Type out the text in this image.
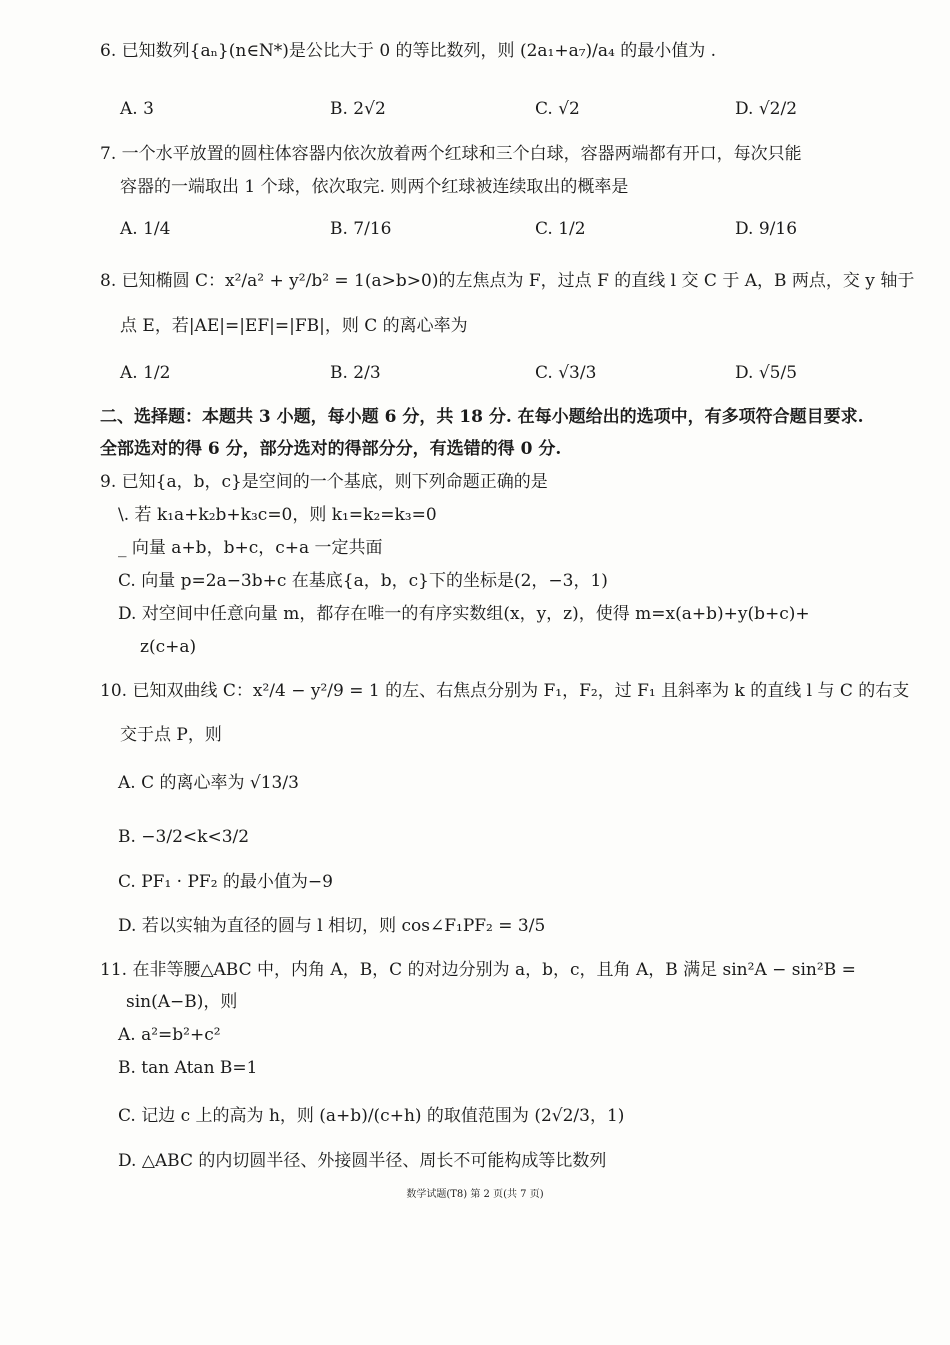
6. 已知数列{aₙ}(n∈N*)是公比大于 0 的等比数列，则 (2a₁+a₇)/a₄ 的最小值为 .
A. 3	B. 2√2	C. √2	D. √2/2
7. 一个水平放置的圆柱体容器内依次放着两个红球和三个白球，容器两端都有开口，每次只能
容器的一端取出 1 个球，依次取完. 则两个红球被连续取出的概率是
A. 1/4	B. 7/16	C. 1/2	D. 9/16
8. 已知椭圆 C：x²/a² + y²/b² = 1(a>b>0)的左焦点为 F，过点 F 的直线 l 交 C 于 A，B 两点，交 y 轴于
点 E，若|AE|=|EF|=|FB|，则 C 的离心率为
A. 1/2	B. 2/3	C. √3/3	D. √5/5
二、选择题：本题共 3 小题，每小题 6 分，共 18 分. 在每小题给出的选项中，有多项符合题目要求.
全部选对的得 6 分，部分选对的得部分分，有选错的得 0 分.
9. 已知{a，b，c}是空间的一个基底，则下列命题正确的是
\. 若 k₁a+k₂b+k₃c=0，则 k₁=k₂=k₃=0
_ 向量 a+b，b+c，c+a 一定共面
C. 向量 p=2a−3b+c 在基底{a，b，c}下的坐标是(2，−3，1)
D. 对空间中任意向量 m，都存在唯一的有序实数组(x，y，z)，使得 m=x(a+b)+y(b+c)+
z(c+a)
10. 已知双曲线 C：x²/4 − y²/9 = 1 的左、右焦点分别为 F₁，F₂，过 F₁ 且斜率为 k 的直线 l 与 C 的右支
交于点 P，则
A. C 的离心率为 √13/3
B. −3/2<k<3/2
C. PF₁ · PF₂ 的最小值为−9
D. 若以实轴为直径的圆与 l 相切，则 cos∠F₁PF₂ = 3/5
11. 在非等腰△ABC 中，内角 A，B，C 的对边分别为 a，b，c，且角 A，B 满足 sin²A − sin²B =
sin(A−B)，则
A. a²=b²+c²
B. tan Atan B=1
C. 记边 c 上的高为 h，则 (a+b)/(c+h) 的取值范围为 (2√2/3，1)
D. △ABC 的内切圆半径、外接圆半径、周长不可能构成等比数列
数学试题(T8) 第 2 页(共 7 页)
